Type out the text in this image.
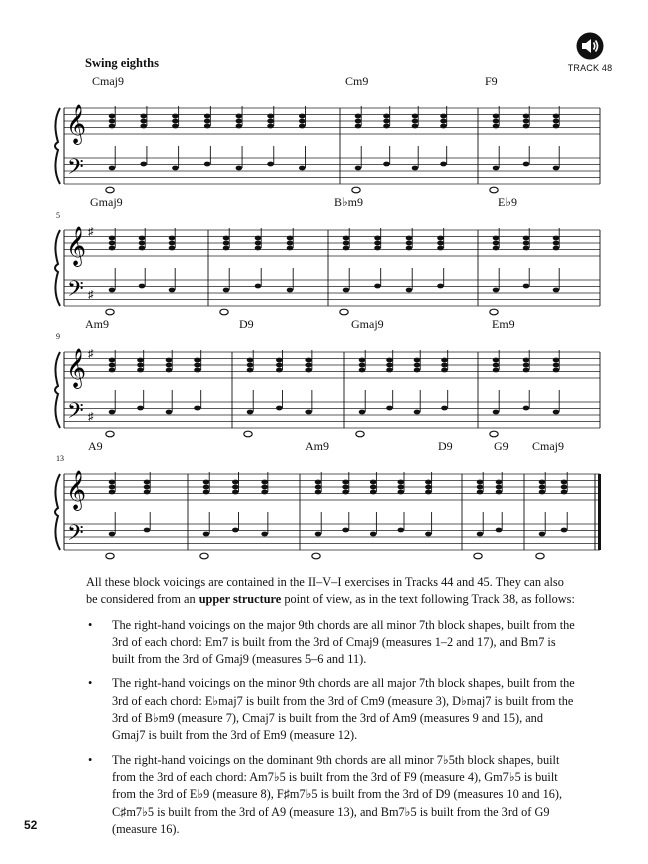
TRACK 48
Swing eighths
Cmaj9	Cm9	F9
5
Gmaj9	B♭m9	E♭9
9
Am9	D9	Gmaj9	Em9
13
A9	Am9	D9	G9 Cmaj9
𝄞
𝄢
𝄞
𝄢
♯
♯
𝄞
𝄢
♯
♯
𝄞
𝄢

All these block voicings are contained in the II–V–I exercises in Tracks 44 and 45. They can also be considered from an upper structure point of view, as in the text following Track 38, as follows:

• The right-hand voicings on the major 9th chords are all minor 7th block shapes, built from the 3rd of each chord: Em7 is built from the 3rd of Cmaj9 (measures 1–2 and 17), and Bm7 is built from the 3rd of Gmaj9 (measures 5–6 and 11).
• The right-hand voicings on the minor 9th chords are all major 7th block shapes, built from the 3rd of each chord: E♭maj7 is built from the 3rd of Cm9 (measure 3), D♭maj7 is built from the 3rd of B♭m9 (measure 7), Cmaj7 is built from the 3rd of Am9 (measures 9 and 15), and Gmaj7 is built from the 3rd of Em9 (measure 12).
• The right-hand voicings on the dominant 9th chords are all minor 7♭5th block shapes, built from the 3rd of each chord: Am7♭5 is built from the 3rd of F9 (measure 4), Gm7♭5 is built from the 3rd of E♭9 (measure 8), F♯m7♭5 is built from the 3rd of D9 (measures 10 and 16), C♯m7♭5 is built from the 3rd of A9 (measure 13), and Bm7♭5 is built from the 3rd of G9 (measure 16).
52
